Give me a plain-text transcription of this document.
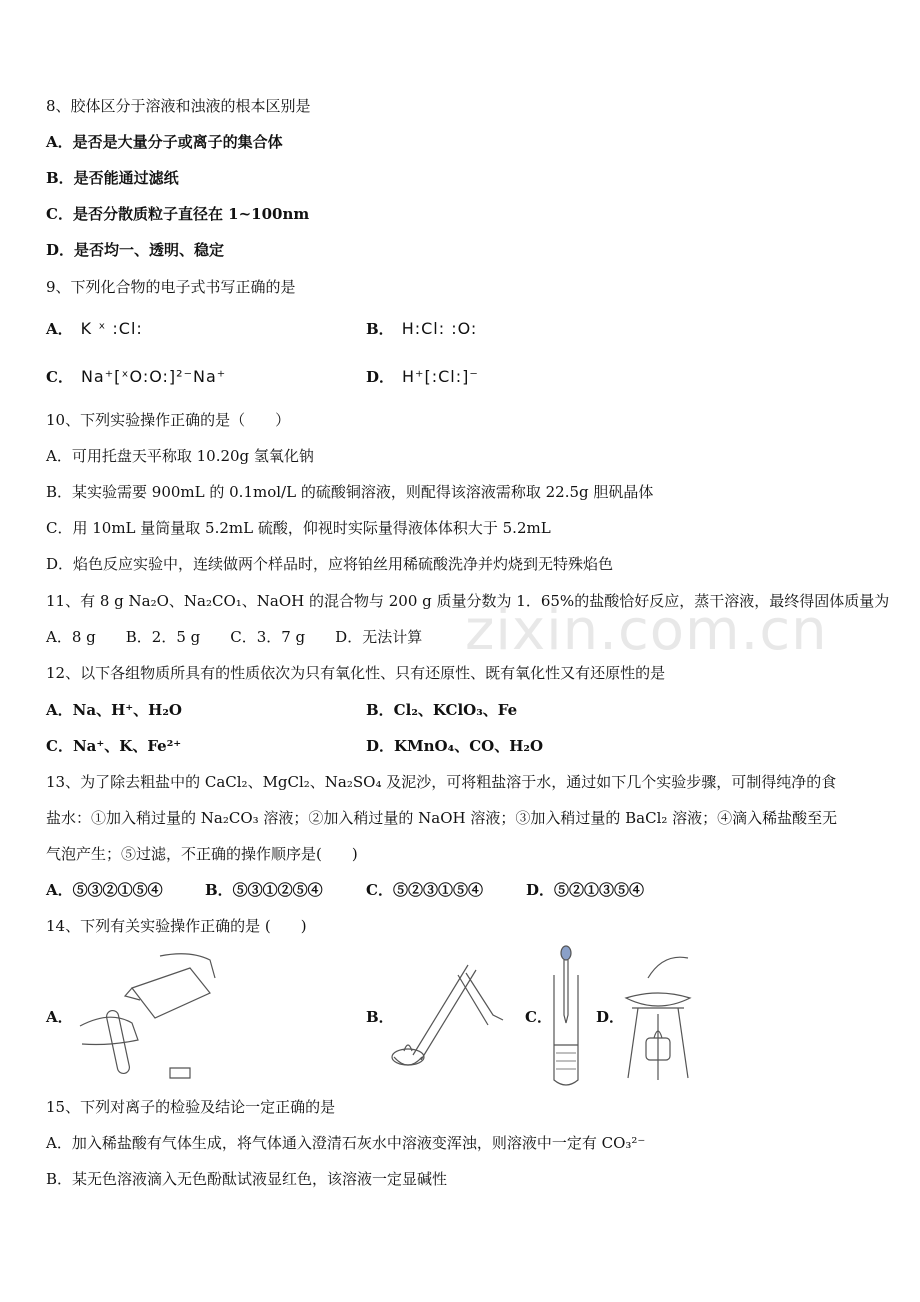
zixin.com.cn
8、胶体区分于溶液和浊液的根本区别是
A．是否是大量分子或离子的集合体
B．是否能通过滤纸
C．是否分散质粒子直径在 1~100nm
D．是否均一、透明、稳定
9、下列化合物的电子式书写正确的是
A． K ˣ :Cl:	B． H:Cl: :O:
C． Na⁺[ˣO:O:]²⁻Na⁺	D． H⁺[:Cl:]⁻
10、下列实验操作正确的是（　　）
A．可用托盘天平称取 10.20g 氢氧化钠
B．某实验需要 900mL 的 0.1mol/L 的硫酸铜溶液，则配得该溶液需称取 22.5g 胆矾晶体
C．用 10mL 量筒量取 5.2mL 硫酸，仰视时实际量得液体体积大于 5.2mL
D．焰色反应实验中，连续做两个样品时，应将铂丝用稀硫酸洗净并灼烧到无特殊焰色
11、有 8 g Na₂O、Na₂CO₁、NaOH 的混合物与 200 g 质量分数为 1．65%的盐酸恰好反应，蒸干溶液，最终得固体质量为
A．8 g　　B．2．5 g　　C．3．7 g　　D．无法计算
12、以下各组物质所具有的性质依次为只有氧化性、只有还原性、既有氧化性又有还原性的是
A．Na、H⁺、H₂O	B．Cl₂、KClO₃、Fe
C．Na⁺、K、Fe²⁺	D．KMnO₄、CO、H₂O
13、为了除去粗盐中的 CaCl₂、MgCl₂、Na₂SO₄ 及泥沙，可将粗盐溶于水，通过如下几个实验步骤，可制得纯净的食
盐水：①加入稍过量的 Na₂CO₃ 溶液；②加入稍过量的 NaOH 溶液；③加入稍过量的 BaCl₂ 溶液；④滴入稀盐酸至无
气泡产生；⑤过滤，不正确的操作顺序是(　　)
A．⑤③②①⑤④	B．⑤③①②⑤④	C．⑤②③①⑤④	D．⑤②①③⑤④
14、下列有关实验操作正确的是 (　　)
A．	B．	C．	D．
15、下列对离子的检验及结论一定正确的是
A．加入稀盐酸有气体生成，将气体通入澄清石灰水中溶液变浑浊，则溶液中一定有 CO₃²⁻
B．某无色溶液滴入无色酚酞试液显红色，该溶液一定显碱性
